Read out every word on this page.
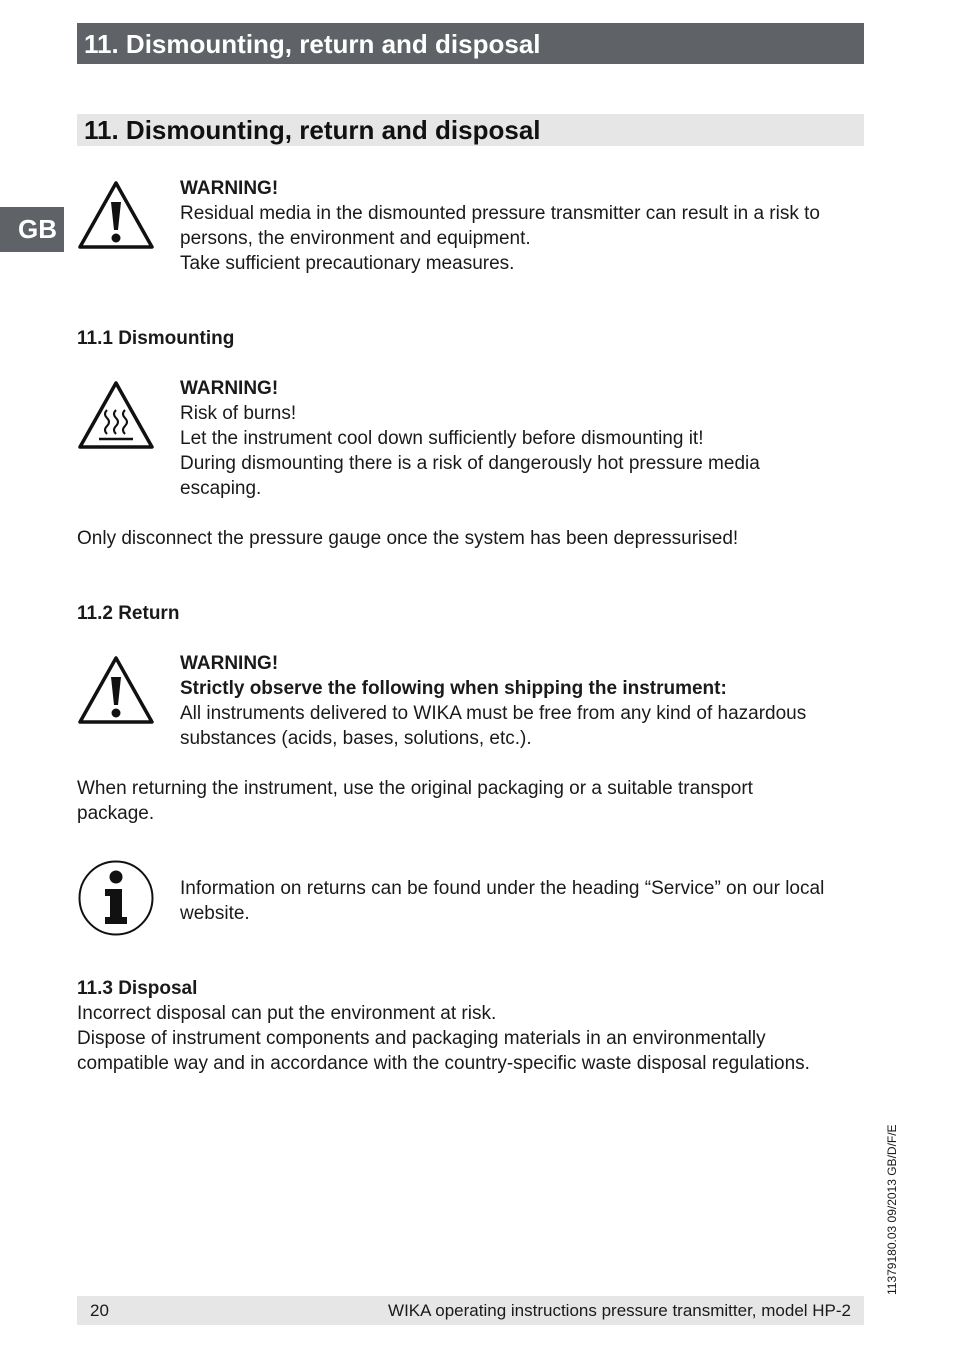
11. Dismounting, return and disposal
GB
11. Dismounting, return and disposal
WARNING!
Residual media in the dismounted pressure transmitter can result in a risk to
persons, the environment and equipment.
Take sufficient precautionary measures.
11.1 Dismounting
WARNING!
Risk of burns!
Let the instrument cool down sufficiently before dismounting it!
During dismounting there is a risk of dangerously hot pressure media
escaping.
Only disconnect the pressure gauge once the system has been depressurised!
11.2 Return
WARNING!
Strictly observe the following when shipping the instrument:
All instruments delivered to WIKA must be free from any kind of hazardous
substances (acids, bases, solutions, etc.).
When returning the instrument, use the original packaging or a suitable transport
package.
Information on returns can be found under the heading “Service” on our local
website.
11.3 Disposal
Incorrect disposal can put the environment at risk.
Dispose of instrument components and packaging materials in an environmentally
compatible way and in accordance with the country-specific waste disposal regulations.
11379180.03 09/2013 GB/D/F/E
20	WIKA operating instructions pressure transmitter, model HP-2
